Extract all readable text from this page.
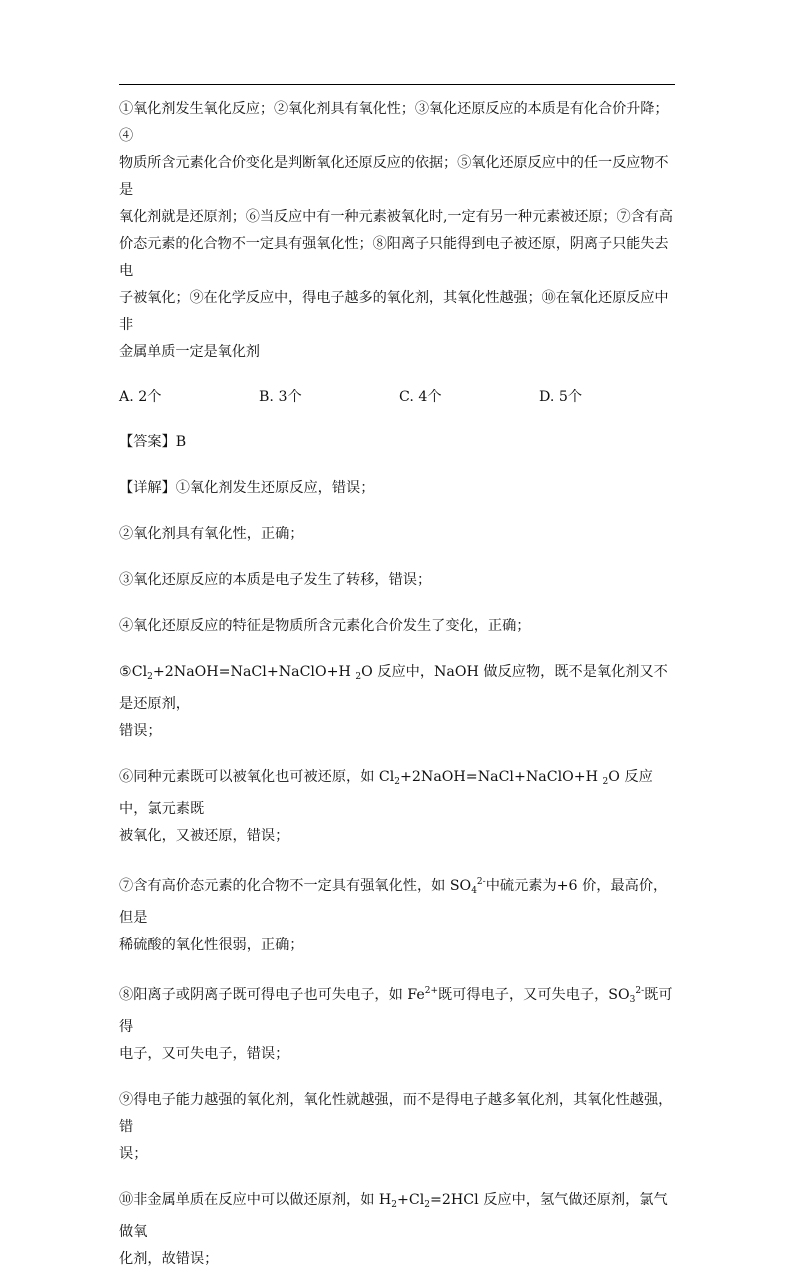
①氧化剂发生氧化反应；②氧化剂具有氧化性；③氧化还原反应的本质是有化合价升降；④

物质所含元素化合价变化是判断氧化还原反应的依据；⑤氧化还原反应中的任一反应物不是

氧化剂就是还原剂；⑥当反应中有一种元素被氧化时,一定有另一种元素被还原；⑦含有高

价态元素的化合物不一定具有强氧化性；⑧阳离子只能得到电子被还原，阴离子只能失去电

子被氧化；⑨在化学反应中，得电子越多的氧化剂，其氧化性越强；⑩在氧化还原反应中非

金属单质一定是氧化剂

A. 2个	B. 3个	C. 4个	D. 5个
【答案】B

【详解】①氧化剂发生还原反应，错误；

②氧化剂具有氧化性，正确；

③氧化还原反应的本质是电子发生了转移，错误；

④氧化还原反应的特征是物质所含元素化合价发生了变化，正确；

$⑤Cl_2+2NaOH=NaCl+NaClO+H$ $_2$O 反应中，NaOH 做反应物，既不是氧化剂又不是还原剂，

错误；

⑥同种元素既可以被氧化也可被还原，如 $Cl_2+2NaOH=NaCl+NaClO+H$ $_2$O 反应中，氯元素既

被氧化，又被还原，错误；

⑦含有高价态元素的化合物不一定具有强氧化性，如 $SO_4^{2-}$中硫元素为+6 价，最高价，但是

稀硫酸的氧化性很弱，正确；

⑧阳离子或阴离子既可得电子也可失电子，如 $Fe^{2+}$既可得电子，又可失电子，$SO_3^{2-}$既可得

电子，又可失电子，错误；

⑨得电子能力越强的氧化剂，氧化性就越强，而不是得电子越多氧化剂，其氧化性越强，错

误；

⑩非金属单质在反应中可以做还原剂，如 $H_2+Cl_2=2HCl$ 反应中，氢气做还原剂，氯气做氧

化剂，故错误；
